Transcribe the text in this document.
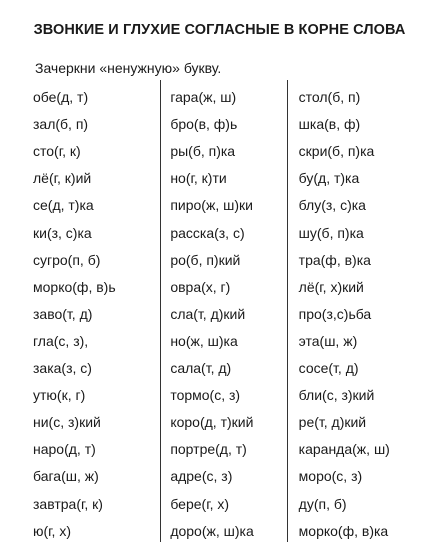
ЗВОНКИЕ И ГЛУХИЕ СОГЛАСНЫЕ В КОРНЕ СЛОВА
Зачеркни «ненужную» букву.
обе(д, т)
зал(б, п)
сто(г, к)
лё(г, к)ий
се(д, т)ка
ки(з, с)ка
сугро(п, б)
морко(ф, в)ь
заво(т, д)
гла(с, з),
зака(з, с)
утю(к, г)
ни(с, з)кий
наро(д, т)
бага(ш, ж)
завтра(г, к)
ю(г, х)
гара(ж, ш)
бро(в, ф)ь
ры(б, п)ка
но(г, к)ти
пиро(ж, ш)ки
расска(з, с)
ро(б, п)кий
овра(х, г)
сла(т, д)кий
но(ж, ш)ка
сала(т, д)
тормо(с, з)
коро(д, т)кий
портре(д, т)
адре(с, з)
бере(г, х)
доро(ж, ш)ка
стол(б, п)
шка(в, ф)
скри(б, п)ка
бу(д, т)ка
блу(з, с)ка
шу(б, п)ка
тра(ф, в)ка
лё(г, х)кий
про(з,с)ьба
эта(ш, ж)
сосе(т, д)
бли(с, з)кий
ре(т, д)кий
каранда(ж, ш)
моро(с, з)
ду(п, б)
морко(ф, в)ка
